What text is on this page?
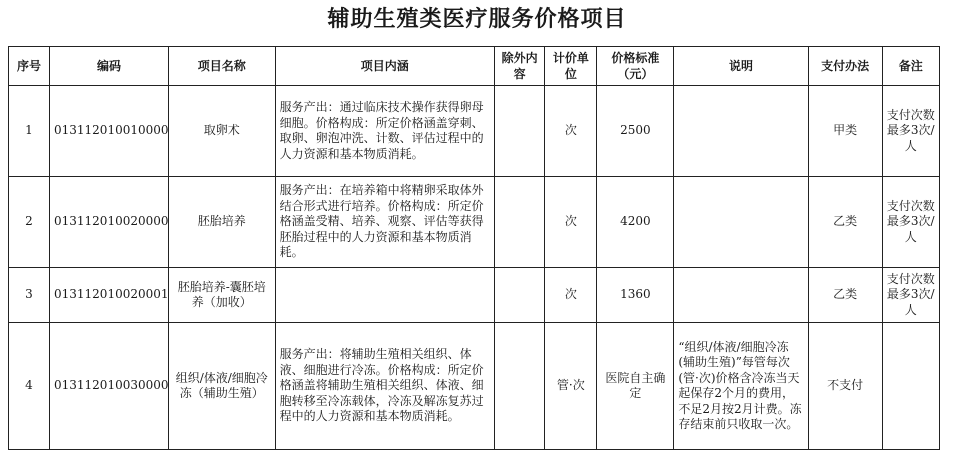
辅助生殖类医疗服务价格项目
序号	编码	项目名称	项目内涵	除外内容	计价单位	价格标准（元）	说明	支付办法	备注
1	013112010010000	取卵术	服务产出：通过临床技术操作获得卵母细胞。价格构成：所定价格涵盖穿刺、取卵、卵泡冲洗、计数、评估过程中的人力资源和基本物质消耗。		次	2500		甲类	支付次数最多3次/人
2	013112010020000	胚胎培养	服务产出：在培养箱中将精卵采取体外结合形式进行培养。价格构成：所定价格涵盖受精、培养、观察、评估等获得胚胎过程中的人力资源和基本物质消耗。		次	4200		乙类	支付次数最多3次/人
3	013112010020001	胚胎培养-囊胚培养（加收）			次	1360		乙类	支付次数最多3次/人
4	013112010030000	组织/体液/细胞冷冻（辅助生殖）	服务产出：将辅助生殖相关组织、体液、细胞进行冷冻。价格构成：所定价格涵盖将辅助生殖相关组织、体液、细胞转移至冷冻载体，冷冻及解冻复苏过程中的人力资源和基本物质消耗。		管·次	医院自主确定	“组织/体液/细胞冷冻(辅助生殖)”每管每次(管·次)价格含冷冻当天起保存2个月的费用，不足2月按2月计费。冻存结束前只收取一次。	不支付	
